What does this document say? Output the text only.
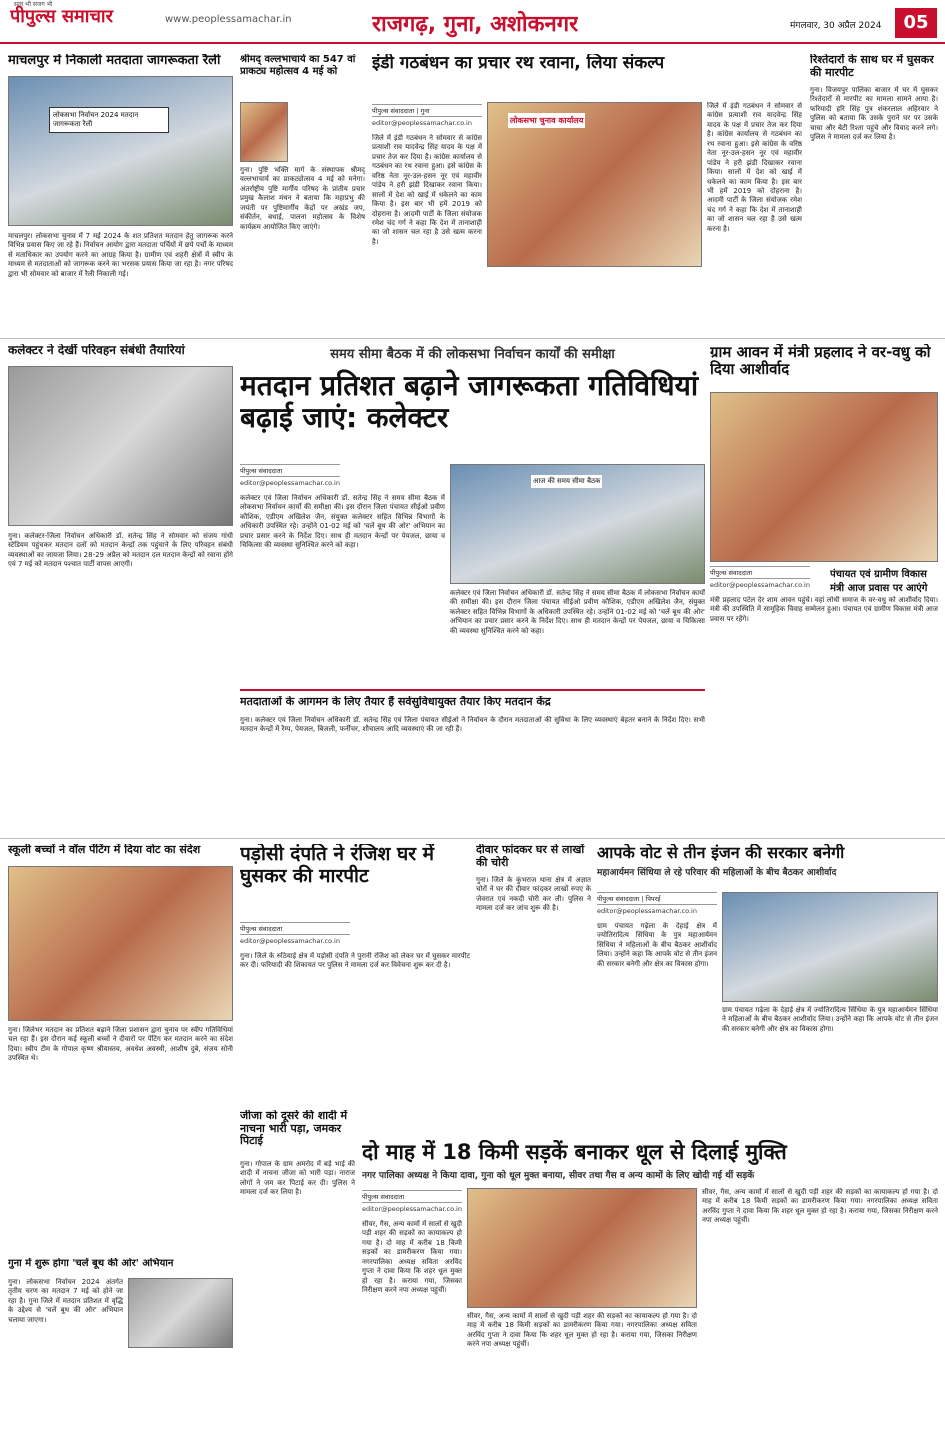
पीपुल्स समाचार
सत्य भी सजग भी
www.peoplessamachar.in	राजगढ़, गुना, अशोकनगर	मंगलवार, 30 अप्रैल 2024	05
माचलपुर में निकाली मतदाता जागरूकता रैली
लोकसभा निर्वाचन 2024 मतदान जागरूकता रैली
माचलपुर। लोकसभा चुनाव में 7 मई 2024 के शत प्रतिशत मतदान हेतु जागरूक करने विभिन्न प्रयास किए जा रहे हैं। निर्वाचन आयोग द्वारा मतदाता पर्चियों में छपे पर्चों के माध्यम से मताधिकार का उपयोग करने का आग्रह किया है। ग्रामीण एवं शहरी क्षेत्रों में स्वीप के माध्यम से मतदाताओं को जागरूक करने का भरसक प्रयास किया जा रहा है। नगर परिषद द्वारा भी सोमवार को बाजार में रैली निकाली गई।
श्रीमद् वल्लभाचार्य का 547 वां प्राकट्य महोत्सव 4 मई को
गुना। पुष्टि भक्ति मार्ग के संस्थापक श्रीमद् वल्लभाचार्य का प्राकट्योत्सव 4 मई को मनेगा। अंतर्राष्ट्रीय पुष्टि मार्गीय परिषद के प्रांतीय प्रचार प्रमुख कैलाश मंथन ने बताया कि महाप्रभु की जयंती पर पुष्टिमार्गीय केंद्रों पर अखंड जप, संकीर्तन, बधाई, पालना महोत्सव के विशेष कार्यक्रम आयोजित किए जाएंगे।
इंडी गठबंधन का प्रचार रथ रवाना, लिया संकल्प
पीपुल्स संवाददाता | गुना
editor@peoplessamachar.co.in	लोकसभा चुनाव कार्यालय
जिले में इंडी गठबंधन ने सोमवार से कांग्रेस प्रत्याशी राव यादवेन्द्र सिंह यादव के पक्ष में प्रचार तेज कर दिया है। कांग्रेस कार्यालय से गठबंधन का रथ रवाना हुआ। इसे कांग्रेस के वरिष्ठ नेता नूर-उल-हसन नूर एवं महावीर पांडेय ने हरी झंडी दिखाकर रवाना किया। सालों में देश को खाई में धकेलने का काम किया है। इस बार भी हमें 2019 को दोहराना है। आदमी पार्टी के जिला संयोजक रमेश चंद गर्ग ने कहा कि देश में तानाशाही का जो शासन चल रहा है उसे खत्म करना है।
जिले में इंडी गठबंधन ने सोमवार से कांग्रेस प्रत्याशी राव यादवेन्द्र सिंह यादव के पक्ष में प्रचार तेज कर दिया है। कांग्रेस कार्यालय से गठबंधन का रथ रवाना हुआ। इसे कांग्रेस के वरिष्ठ नेता नूर-उल-हसन नूर एवं महावीर पांडेय ने हरी झंडी दिखाकर रवाना किया। सालों में देश को खाई में धकेलने का काम किया है। इस बार भी हमें 2019 को दोहराना है। आदमी पार्टी के जिला संयोजक रमेश चंद गर्ग ने कहा कि देश में तानाशाही का जो शासन चल रहा है उसे खत्म करना है।
रिश्तेदारों के साथ घर में घुसकर की मारपीट
गुना। विजयपुर पालिका बाजार में घर में घुसकर रिश्तेदारों से मारपीट का मामला सामने आया है। फरियादी हरि सिंह पुत्र शंकरलाल अहिरवार ने पुलिस को बताया कि उसके पुराने घर पर उसके चाचा और बेटी रिश्ता पहुंचे और विवाद करने लगे। पुलिस ने मामला दर्ज कर लिया है।
कलेक्टर ने देखीं परिवहन संबंधी तैयारियां
गुना। कलेक्टर-जिला निर्वाचन अधिकारी डॉ. सतेन्द्र सिंह ने सोमवार को संजय गांधी स्टेडियम पहुंचकर मतदान दलों को मतदान केन्द्रों तक पहुंचाने के लिए परिवहन संबंधी व्यवस्थाओं का जायजा लिया। 28-29 अप्रैल को मतदान दल मतदान केन्द्रों को रवाना होंगे एवं 7 मई को मतदान पश्चात पार्टी वापस आएगी।
समय सीमा बैठक में की लोकसभा निर्वाचन कार्यों की समीक्षा
मतदान प्रतिशत बढ़ाने जागरूकता गतिविधियां बढ़ाई जाएं: कलेक्टर
पीपुल्स संवाददाता
editor@peoplessamachar.co.in	आज की समय सीमा बैठक
कलेक्टर एवं जिला निर्वाचन अधिकारी डॉ. सतेन्द्र सिंह ने समय सीमा बैठक में लोकसभा निर्वाचन कार्यों की समीक्षा की। इस दौरान जिला पंचायत सीईओ प्रवीण कौशिक, एडीएम अखिलेश जैन, संयुक्त कलेक्टर सहित विभिन्न विभागों के अधिकारी उपस्थित रहे। उन्होंने 01-02 मई को 'चलें बूथ की ओर' अभियान का प्रचार प्रसार करने के निर्देश दिए। साथ ही मतदान केन्द्रों पर पेयजल, छाया व चिकित्सा की व्यवस्था सुनिश्चित करने को कहा।
कलेक्टर एवं जिला निर्वाचन अधिकारी डॉ. सतेन्द्र सिंह ने समय सीमा बैठक में लोकसभा निर्वाचन कार्यों की समीक्षा की। इस दौरान जिला पंचायत सीईओ प्रवीण कौशिक, एडीएम अखिलेश जैन, संयुक्त कलेक्टर सहित विभिन्न विभागों के अधिकारी उपस्थित रहे। उन्होंने 01-02 मई को 'चलें बूथ की ओर' अभियान का प्रचार प्रसार करने के निर्देश दिए। साथ ही मतदान केन्द्रों पर पेयजल, छाया व चिकित्सा की व्यवस्था सुनिश्चित करने को कहा।
मतदाताओं के आगमन के लिए तैयार हैं सर्वसुविधायुक्त तैयार किए मतदान केंद्र
गुना। कलेक्टर एवं जिला निर्वाचन अधिकारी डॉ. सतेन्द्र सिंह एवं जिला पंचायत सीईओ ने निर्वाचन के दौरान मतदाताओं की सुविधा के लिए व्यवस्थाएं बेहतर बनाने के निर्देश दिए। सभी मतदान केन्द्रों में रैम्प, पेयजल, बिजली, फर्नीचर, शौचालय आदि व्यवस्थाएं की जा रही हैं।
ग्राम आवन में मंत्री प्रहलाद ने वर-वधु को दिया आशीर्वाद
पीपुल्स संवाददाता
editor@peoplessamachar.co.in
पंचायत एवं ग्रामीण विकास मंत्री आज प्रवास पर आएंगे
मंत्री प्रहलाद पटेल देर शाम आवन पहुंचे। वहां लोधी समाज के वर-वधु को आशीर्वाद दिया। मंत्री की उपस्थिति में सामूहिक विवाह सम्मेलन हुआ। पंचायत एवं ग्रामीण विकास मंत्री आज प्रवास पर रहेंगे।
स्कूली बच्चों ने वॉल पेंटिंग में दिया वोट का संदेश
गुना। जिलेभर मतदान का प्रतिशत बढ़ाने जिला प्रशासन द्वारा चुनाव पर स्वीप गतिविधियां चल रहा हैं। इस दौरान कई स्कूली बच्चों ने दीवारों पर पेंटिंग कर मतदान करने का संदेश दिया। स्वीप टीम के गोपाल कृष्ण श्रीवास्तव, अवधेश अवस्थी, आशीष दुबे, संजय सोनी उपस्थित थे।
पड़ोसी दंपति ने रंजिश घर में घुसकर की मारपीट
पीपुल्स संवाददाता
editor@peoplessamachar.co.in
गुना। जिले के रुठियाई क्षेत्र में पड़ोसी दंपति ने पुरानी रंजिश को लेकर घर में घुसकर मारपीट कर दी। फरियादी की शिकायत पर पुलिस ने मामला दर्ज कर विवेचना शुरू कर दी है।
दीवार फांदकर घर से लाखों की चोरी
गुना। जिले के कुंभराज थाना क्षेत्र में अज्ञात चोरों ने घर की दीवार फांदकर लाखों रुपए के जेवरात एवं नकदी चोरी कर ली। पुलिस ने मामला दर्ज कर जांच शुरू की है।
आपके वोट से तीन इंजन की सरकार बनेगी
महाआर्यमन सिंधिया ले रहे परिवार की महिलाओं के बीच बैठकर आशीर्वाद
पीपुल्स संवाददाता | पिपरई
editor@peoplessamachar.co.in
ग्राम पंचायत गढ़ेला के देहाई क्षेत्र में ज्योतिरादित्य सिंधिया के पुत्र महाआर्यमन सिंधिया ने महिलाओं के बीच बैठकर आशीर्वाद लिया। उन्होंने कहा कि आपके वोट से तीन इंजन की सरकार बनेगी और क्षेत्र का विकास होगा।
ग्राम पंचायत गढ़ेला के देहाई क्षेत्र में ज्योतिरादित्य सिंधिया के पुत्र महाआर्यमन सिंधिया ने महिलाओं के बीच बैठकर आशीर्वाद लिया। उन्होंने कहा कि आपके वोट से तीन इंजन की सरकार बनेगी और क्षेत्र का विकास होगा।
गुना में शुरू होगा 'चलें बूथ की ओर' अभियान
गुना। लोकसभा निर्वाचन 2024 अंतर्गत तृतीय चरण का मतदान 7 मई को होने जा रहा है। गुना जिले में मतदान प्रतिशत में वृद्धि के उद्देश्य से 'चलें बूथ की ओर' अभियान चलाया जाएगा।
जीजा को दूसरे की शादी में नाचना भारी पड़ा, जमकर पिटाई
गुना। गोपाल के ग्राम अमरोद में बड़े भाई की शादी में नाचना जीजा को भारी पड़ा। नाराज लोगों ने जम कर पिटाई कर दी। पुलिस ने मामला दर्ज कर लिया है।
दो माह में 18 किमी सड़कें बनाकर धूल से दिलाई मुक्ति
नगर पालिका अध्यक्ष ने किया दावा, गुना को धूल मुक्त बनाया, सीवर तथा गैस व अन्य कामों के लिए खोदी गई थीं सड़कें
पीपुल्स संवाददाता
editor@peoplessamachar.co.in
सीवर, गैस, अन्य कामों में सालों से खुदी पड़ी शहर की सड़कों का कायाकल्प हो गया है। दो माह में करीब 18 किमी सड़कों का डामरीकरण किया गया। नगरपालिका अध्यक्ष सविता अरविंद गुप्ता ने दावा किया कि शहर धूल मुक्त हो रहा है। कराया गया, जिसका निरीक्षण करने नपा अध्यक्ष पहुंचीं।
सीवर, गैस, अन्य कामों में सालों से खुदी पड़ी शहर की सड़कों का कायाकल्प हो गया है। दो माह में करीब 18 किमी सड़कों का डामरीकरण किया गया। नगरपालिका अध्यक्ष सविता अरविंद गुप्ता ने दावा किया कि शहर धूल मुक्त हो रहा है। कराया गया, जिसका निरीक्षण करने नपा अध्यक्ष पहुंचीं।
सीवर, गैस, अन्य कामों में सालों से खुदी पड़ी शहर की सड़कों का कायाकल्प हो गया है। दो माह में करीब 18 किमी सड़कों का डामरीकरण किया गया। नगरपालिका अध्यक्ष सविता अरविंद गुप्ता ने दावा किया कि शहर धूल मुक्त हो रहा है। कराया गया, जिसका निरीक्षण करने नपा अध्यक्ष पहुंचीं।
